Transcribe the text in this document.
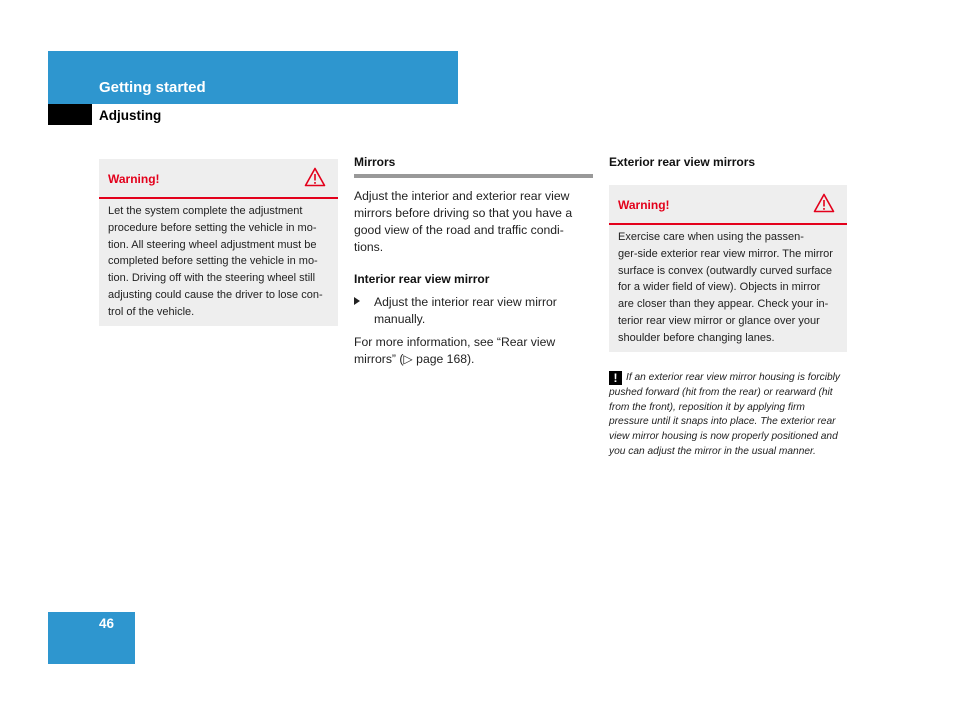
Getting started
Adjusting
Warning!
Let the system complete the adjustment
procedure before setting the vehicle in mo-
tion. All steering wheel adjustment must be
completed before setting the vehicle in mo-
tion. Driving off with the steering wheel still
adjusting could cause the driver to lose con-
trol of the vehicle.
Mirrors
Adjust the interior and exterior rear view
mirrors before driving so that you have a
good view of the road and traffic condi-
tions.
Interior rear view mirror
Adjust the interior rear view mirror manually.
For more information, see “Rear view mirrors” (▷ page 168).
Exterior rear view mirrors
Warning!
Exercise care when using the passen-
ger-side exterior rear view mirror. The mirror
surface is convex (outwardly curved surface
for a wider field of view). Objects in mirror
are closer than they appear. Check your in-
terior rear view mirror or glance over your
shoulder before changing lanes.
! If an exterior rear view mirror housing is forcibly pushed forward (hit from the rear) or rearward (hit from the front), reposition it by applying firm pressure until it snaps into place. The exterior rear view mirror housing is now properly positioned and you can adjust the mirror in the usual manner.
46
